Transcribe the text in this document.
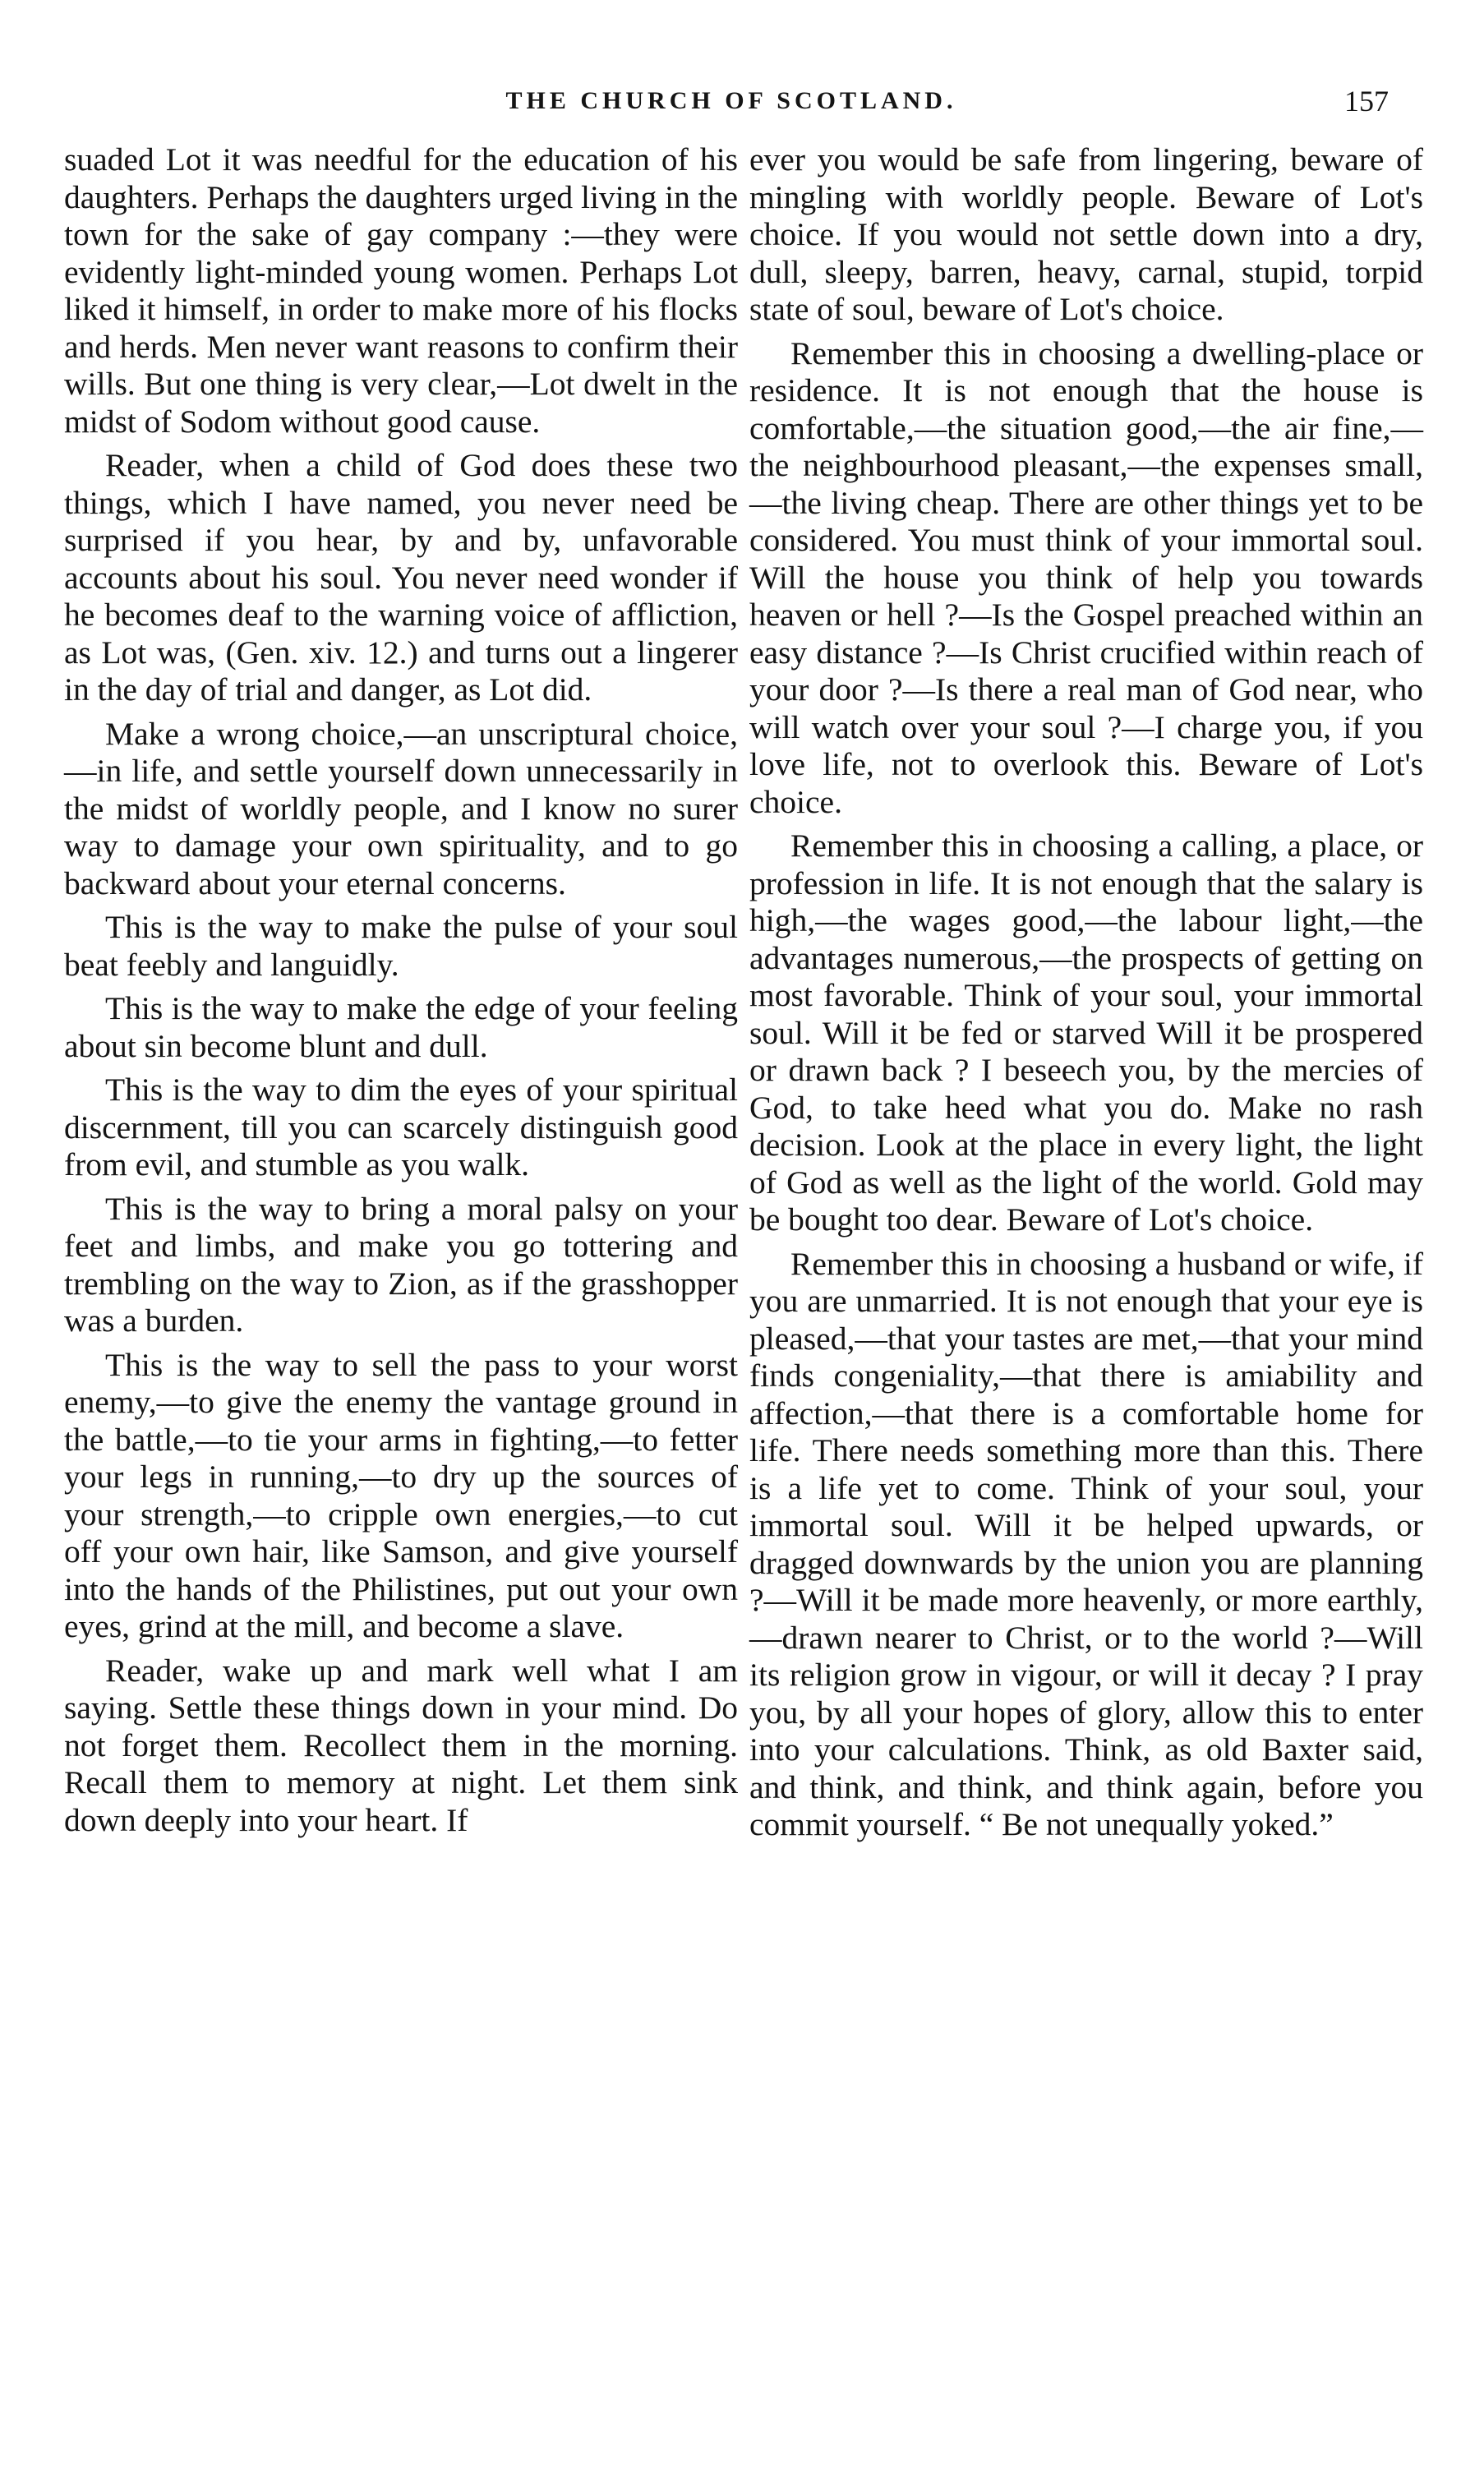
THE CHURCH OF SCOTLAND.	157

suaded Lot it was needful for the education of his daughters. Perhaps the daughters urged living in the town for the sake of gay company :—they were evidently light-minded young women. Perhaps Lot liked it himself, in order to make more of his flocks and herds. Men never want reasons to confirm their wills. But one thing is very clear,—Lot dwelt in the midst of Sodom without good cause.

Reader, when a child of God does these two things, which I have named, you never need be surprised if you hear, by and by, unfavorable accounts about his soul. You never need wonder if he becomes deaf to the warning voice of affliction, as Lot was, (Gen. xiv. 12.) and turns out a lingerer in the day of trial and danger, as Lot did.

Make a wrong choice,—an unscriptural choice,—in life, and settle yourself down unnecessarily in the midst of worldly people, and I know no surer way to damage your own spirituality, and to go backward about your eternal concerns.

This is the way to make the pulse of your soul beat feebly and languidly.

This is the way to make the edge of your feeling about sin become blunt and dull.

This is the way to dim the eyes of your spiritual discernment, till you can scarcely distinguish good from evil, and stumble as you walk.

This is the way to bring a moral palsy on your feet and limbs, and make you go tottering and trembling on the way to Zion, as if the grasshopper was a burden.

This is the way to sell the pass to your worst enemy,—to give the enemy the vantage ground in the battle,—to tie your arms in fighting,—to fetter your legs in running,—to dry up the sources of your strength,—to cripple own energies,—to cut off your own hair, like Samson, and give yourself into the hands of the Philistines, put out your own eyes, grind at the mill, and become a slave.

Reader, wake up and mark well what I am saying. Settle these things down in your mind. Do not forget them. Recollect them in the morning. Recall them to memory at night. Let them sink down deeply into your heart. If

ever you would be safe from lingering, beware of mingling with worldly people. Beware of Lot's choice. If you would not settle down into a dry, dull, sleepy, barren, heavy, carnal, stupid, torpid state of soul, beware of Lot's choice.

Remember this in choosing a dwelling-place or residence. It is not enough that the house is comfortable,—the situation good,—the air fine,—the neighbourhood pleasant,—the expenses small,—the living cheap. There are other things yet to be considered. You must think of your immortal soul. Will the house you think of help you towards heaven or hell ?—Is the Gospel preached within an easy distance ?—Is Christ crucified within reach of your door ?—Is there a real man of God near, who will watch over your soul ?—I charge you, if you love life, not to overlook this. Beware of Lot's choice.

Remember this in choosing a calling, a place, or profession in life. It is not enough that the salary is high,—the wages good,—the labour light,—the advantages numerous,—the prospects of getting on most favorable. Think of your soul, your immortal soul. Will it be fed or starved Will it be prospered or drawn back ? I beseech you, by the mercies of God, to take heed what you do. Make no rash decision. Look at the place in every light, the light of God as well as the light of the world. Gold may be bought too dear. Beware of Lot's choice.

Remember this in choosing a husband or wife, if you are unmarried. It is not enough that your eye is pleased,—that your tastes are met,—that your mind finds congeniality,—that there is amiability and affection,—that there is a comfortable home for life. There needs something more than this. There is a life yet to come. Think of your soul, your immortal soul. Will it be helped upwards, or dragged downwards by the union you are planning ?—Will it be made more heavenly, or more earthly,—drawn nearer to Christ, or to the world ?—Will its religion grow in vigour, or will it decay ? I pray you, by all your hopes of glory, allow this to enter into your calculations. Think, as old Baxter said, and think, and think, and think again, before you commit yourself. “ Be not unequally yoked.”
